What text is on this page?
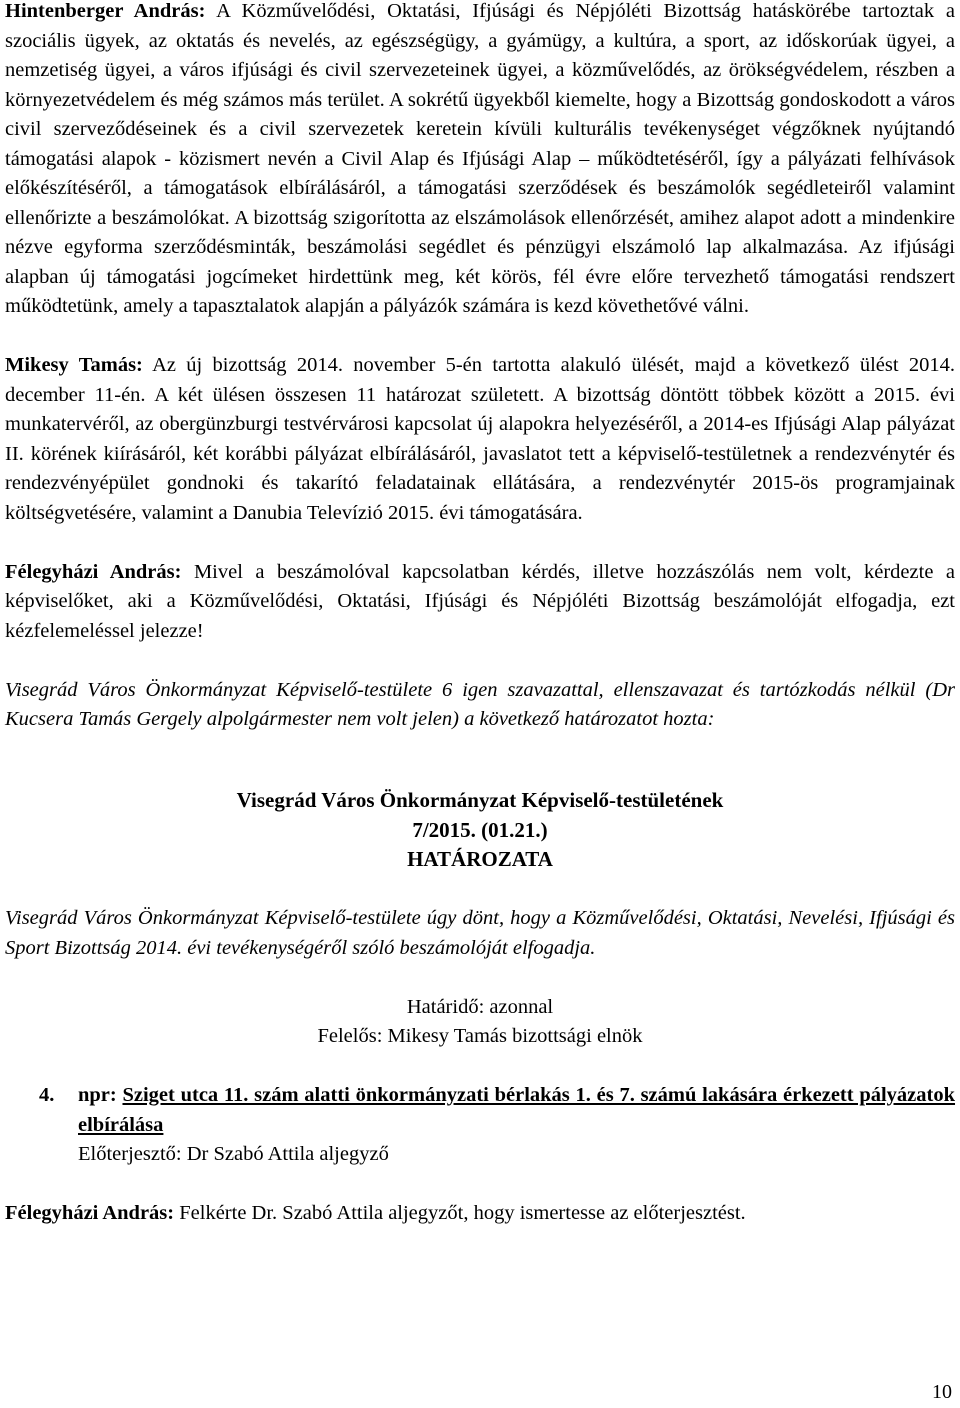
Hintenberger András: A Közművelődési, Oktatási, Ifjúsági és Népjóléti Bizottság hatáskörébe tartoztak a szociális ügyek, az oktatás és nevelés, az egészségügy, a gyámügy, a kultúra, a sport, az időskorúak ügyei, a nemzetiség ügyei, a város ifjúsági és civil szervezeteinek ügyei, a közművelődés, az örökségvédelem, részben a környezetvédelem és még számos más terület. A sokrétű ügyekből kiemelte, hogy a Bizottság gondoskodott a város civil szerveződéseinek és a civil szervezetek keretein kívüli kulturális tevékenységet végzőknek nyújtandó támogatási alapok - közismert nevén a Civil Alap és Ifjúsági Alap – működtetéséről, így a pályázati felhívások előkészítéséről, a támogatások elbírálásáról, a támogatási szerződések és beszámolók segédleteiről valamint ellenőrizte a beszámolókat. A bizottság szigorította az elszámolások ellenőrzését, amihez alapot adott a mindenkire nézve egyforma szerződésminták, beszámolási segédlet és pénzügyi elszámoló lap alkalmazása. Az ifjúsági alapban új támogatási jogcímeket hirdettünk meg, két körös, fél évre előre tervezhető támogatási rendszert működtetünk, amely a tapasztalatok alapján a pályázók számára is kezd követhetővé válni.

Mikesy Tamás: Az új bizottság 2014. november 5-én tartotta alakuló ülését, majd a következő ülést 2014. december 11-én. A két ülésen összesen 11 határozat született. A bizottság döntött többek között a 2015. évi munkatervéről, az obergünzburgi testvérvárosi kapcsolat új alapokra helyezéséről, a 2014-es Ifjúsági Alap pályázat II. körének kiírásáról, két korábbi pályázat elbírálásáról, javaslatot tett a képviselő-testületnek a rendezvénytér és rendezvényépület gondnoki és takarító feladatainak ellátására, a rendezvénytér 2015-ös programjainak költségvetésére, valamint a Danubia Televízió 2015. évi támogatására.

Félegyházi András: Mivel a beszámolóval kapcsolatban kérdés, illetve hozzászólás nem volt, kérdezte a képviselőket, aki a Közművelődési, Oktatási, Ifjúsági és Népjóléti Bizottság beszámolóját elfogadja, ezt kézfelemeléssel jelezze!

Visegrád Város Önkormányzat Képviselő-testülete 6 igen szavazattal, ellenszavazat és tartózkodás nélkül (Dr Kucsera Tamás Gergely alpolgármester nem volt jelen) a következő határozatot hozta:

Visegrád Város Önkormányzat Képviselő-testületének
7/2015. (01.21.)
HATÁROZATA

Visegrád Város Önkormányzat Képviselő-testülete úgy dönt, hogy a Közművelődési, Oktatási, Nevelési, Ifjúsági és Sport Bizottság 2014. évi tevékenységéről szóló beszámolóját elfogadja.

Határidő: azonnal

Felelős: Mikesy Tamás bizottsági elnök

4. npr: Sziget utca 11. szám alatti önkormányzati bérlakás 1. és 7. számú lakására érkezett pályázatok elbírálása
Előterjesztő: Dr Szabó Attila aljegyző

Félegyházi András: Felkérte Dr. Szabó Attila aljegyzőt, hogy ismertesse az előterjesztést.

10
